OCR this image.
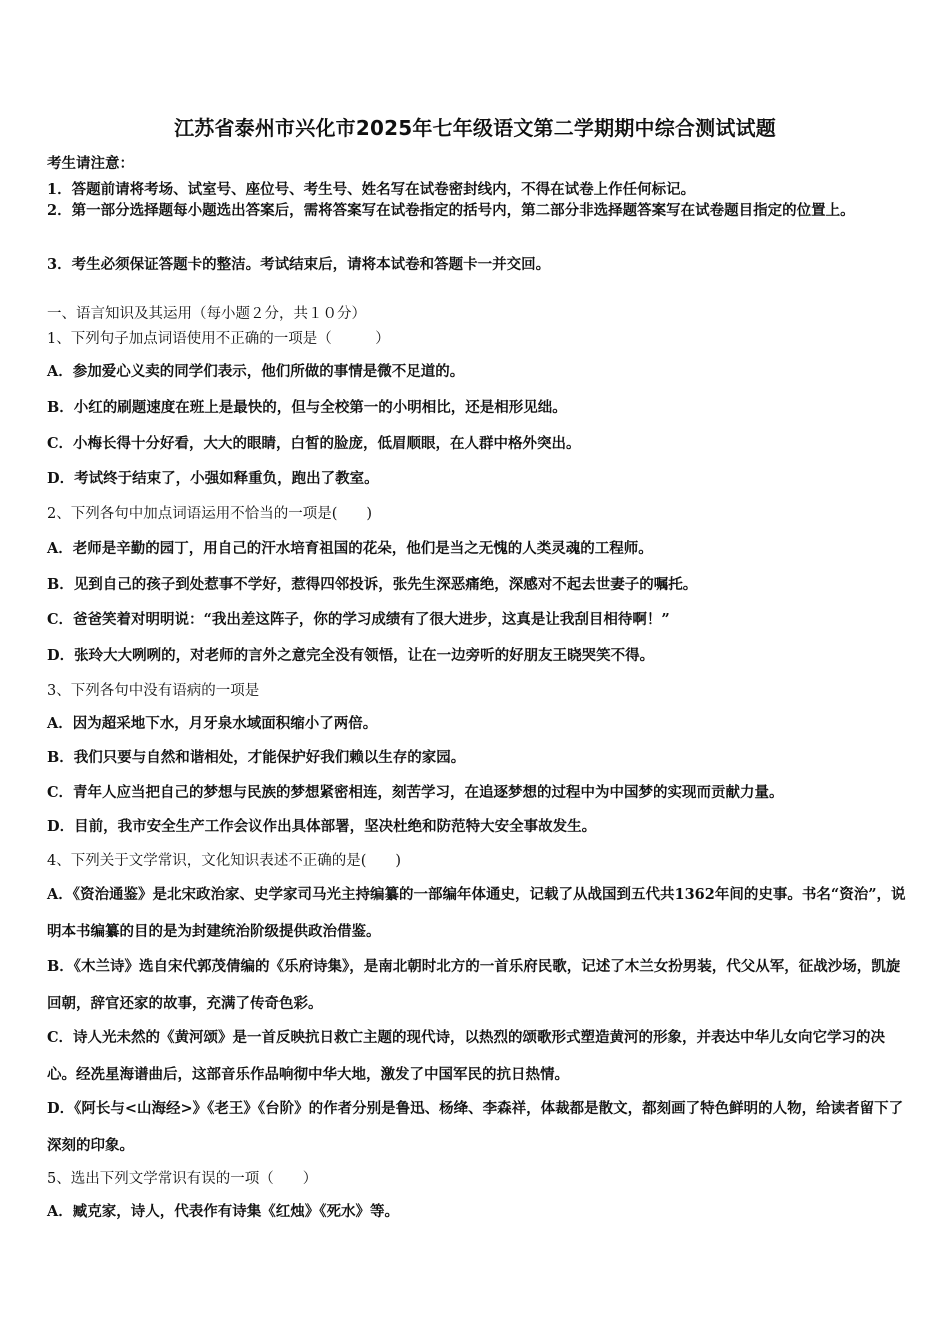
江苏省泰州市兴化市2025年七年级语文第二学期期中综合测试试题
考生请注意：
1．答题前请将考场、试室号、座位号、考生号、姓名写在试卷密封线内，不得在试卷上作任何标记。
2．第一部分选择题每小题选出答案后，需将答案写在试卷指定的括号内，第二部分非选择题答案写在试卷题目指定的位置上。
3．考生必须保证答题卡的整洁。考试结束后，请将本试卷和答题卡一并交回。
一、语言知识及其运用（每小题２分，共１０分）
1、下列句子加点词语使用不正确的一项是（　　　）
A．参加爱心义卖的同学们表示，他们所做的事情是微不足道的。
B．小红的刷题速度在班上是最快的，但与全校第一的小明相比，还是相形见绌。
C．小梅长得十分好看，大大的眼睛，白皙的脸庞，低眉顺眼，在人群中格外突出。
D．考试终于结束了，小强如释重负，跑出了教室。
2、下列各句中加点词语运用不恰当的一项是(　　)
A．老师是辛勤的园丁，用自己的汗水培育祖国的花朵，他们是当之无愧的人类灵魂的工程师。
B．见到自己的孩子到处惹事不学好，惹得四邻投诉，张先生深恶痛绝，深感对不起去世妻子的嘱托。
C．爸爸笑着对明明说：“我出差这阵子，你的学习成绩有了很大进步，这真是让我刮目相待啊！”
D．张玲大大咧咧的，对老师的言外之意完全没有领悟，让在一边旁听的好朋友王晓哭笑不得。
3、下列各句中没有语病的一项是
A．因为超采地下水，月牙泉水域面积缩小了两倍。
B．我们只要与自然和谐相处，才能保护好我们赖以生存的家园。
C．青年人应当把自己的梦想与民族的梦想紧密相连，刻苦学习，在追逐梦想的过程中为中国梦的实现而贡献力量。
D．目前，我市安全生产工作会议作出具体部署，坚决杜绝和防范特大安全事故发生。
4、下列关于文学常识，文化知识表述不正确的是(　　)
A．《资治通鉴》是北宋政治家、史学家司马光主持编纂的一部编年体通史，记载了从战国到五代共1362年间的史事。书名“资治”，说明本书编纂的目的是为封建统治阶级提供政治借鉴。
B．《木兰诗》选自宋代郭茂倩编的《乐府诗集》，是南北朝时北方的一首乐府民歌，记述了木兰女扮男装，代父从军，征战沙场，凯旋回朝，辞官还家的故事，充满了传奇色彩。
C．诗人光未然的《黄河颂》是一首反映抗日救亡主题的现代诗，以热烈的颂歌形式塑造黄河的形象，并表达中华儿女向它学习的决心。经冼星海谱曲后，这部音乐作品响彻中华大地，激发了中国军民的抗日热情。
D．《阿长与<山海经>》《老王》《台阶》的作者分别是鲁迅、杨绛、李森祥，体裁都是散文，都刻画了特色鲜明的人物，给读者留下了深刻的印象。
5、选出下列文学常识有误的一项（　　）
A．臧克家，诗人，代表作有诗集《红烛》《死水》等。
